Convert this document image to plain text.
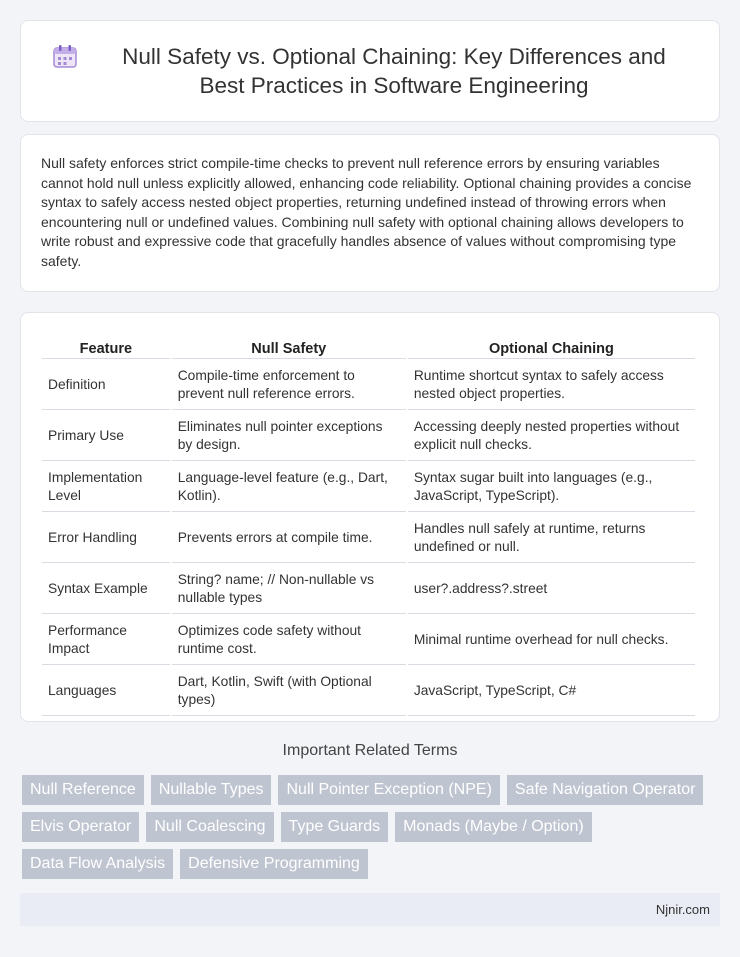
Null Safety vs. Optional Chaining: Key Differences and Best Practices in Software Engineering

Null safety enforces strict compile-time checks to prevent null reference errors by ensuring variables cannot hold null unless explicitly allowed, enhancing code reliability. Optional chaining provides a concise syntax to safely access nested object properties, returning undefined instead of throwing errors when encountering null or undefined values. Combining null safety with optional chaining allows developers to write robust and expressive code that gracefully handles absence of values without compromising type safety.

Feature	Null Safety	Optional Chaining
Definition	Compile-time enforcement to prevent null reference errors.	Runtime shortcut syntax to safely access nested object properties.
Primary Use	Eliminates null pointer exceptions by design.	Accessing deeply nested properties without explicit null checks.
Implementation Level	Language-level feature (e.g., Dart, Kotlin).	Syntax sugar built into languages (e.g., JavaScript, TypeScript).
Error Handling	Prevents errors at compile time.	Handles null safely at runtime, returns undefined or null.
Syntax Example	String? name; // Non-nullable vs nullable types	user?.address?.street
Performance Impact	Optimizes code safety without runtime cost.	Minimal runtime overhead for null checks.
Languages	Dart, Kotlin, Swift (with Optional types)	JavaScript, TypeScript, C#
Important Related Terms
Null Reference	Nullable Types	Null Pointer Exception (NPE)	Safe Navigation Operator
Elvis Operator	Null Coalescing	Type Guards	Monads (Maybe / Option)
Data Flow Analysis	Defensive Programming
Njnir.com
